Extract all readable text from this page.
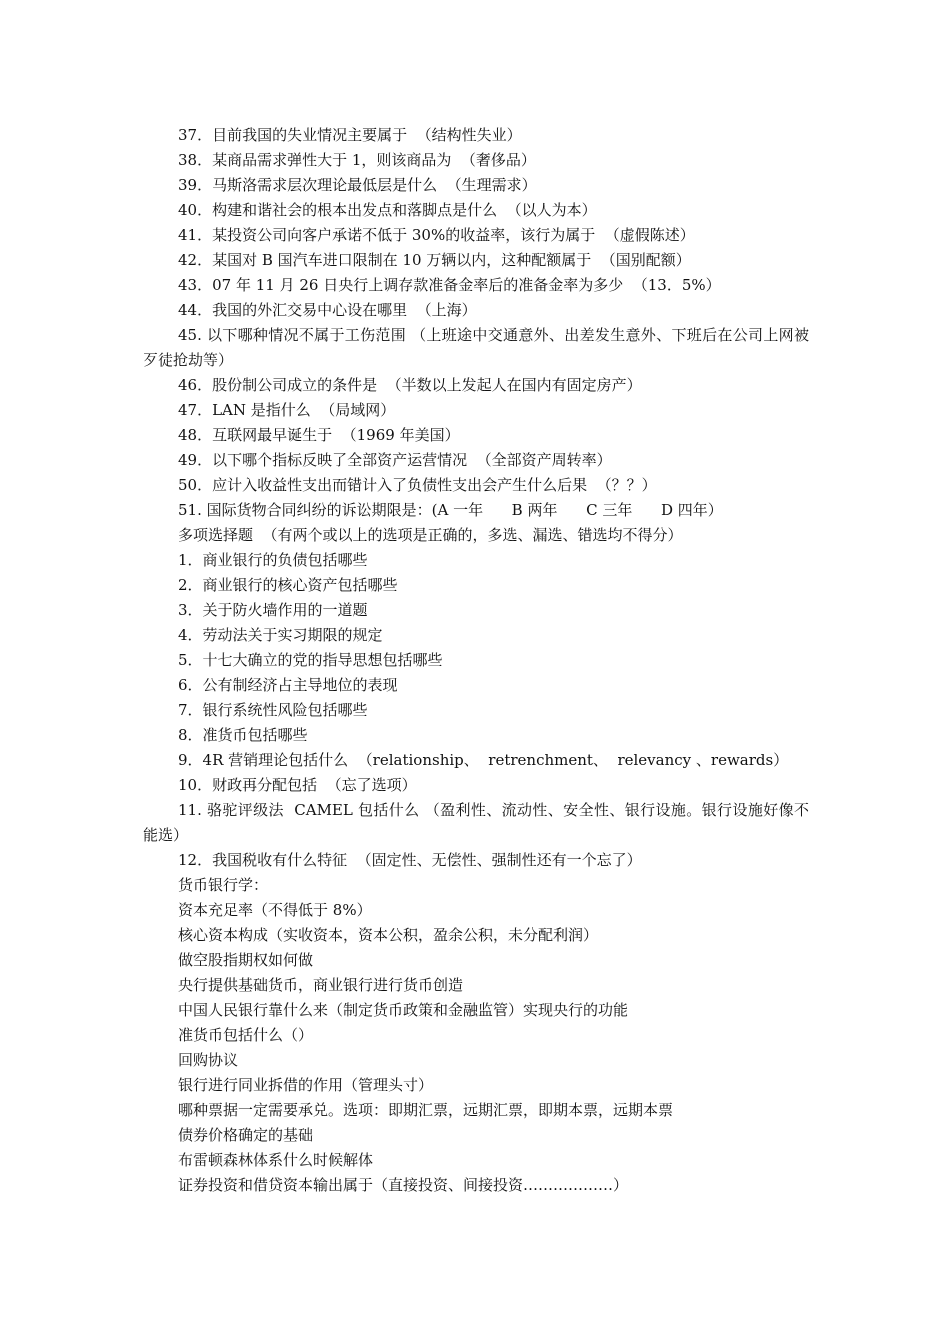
37．目前我国的失业情况主要属于  （结构性失业）

38．某商品需求弹性大于 1，则该商品为  （奢侈品）

39．马斯洛需求层次理论最低层是什么  （生理需求）

40．构建和谐社会的根本出发点和落脚点是什么  （以人为本）

41．某投资公司向客户承诺不低于 30%的收益率，该行为属于  （虚假陈述）

42．某国对 B 国汽车进口限制在 10 万辆以内，这种配额属于  （国别配额）

43．07 年 11 月 26 日央行上调存款准备金率后的准备金率为多少  （13．5%）

44．我国的外汇交易中心设在哪里  （上海）

45. 以下哪种情况不属于工伤范围 （上班途中交通意外、出差发生意外、下班后在公司上网被歹徒抢劫等）

46．股份制公司成立的条件是  （半数以上发起人在国内有固定房产）

47．LAN 是指什么  （局域网）

48．互联网最早诞生于  （1969 年美国）

49．以下哪个指标反映了全部资产运营情况  （全部资产周转率）

50．应计入收益性支出而错计入了负债性支出会产生什么后果  （？？）

51. 国际货物合同纠纷的诉讼期限是：(A 一年      B 两年      C 三年      D 四年）

多项选择题  （有两个或以上的选项是正确的，多选、漏选、错选均不得分）

1．商业银行的负债包括哪些

2．商业银行的核心资产包括哪些

3．关于防火墙作用的一道题

4．劳动法关于实习期限的规定

5．十七大确立的党的指导思想包括哪些

6．公有制经济占主导地位的表现

7．银行系统性风险包括哪些

8．准货币包括哪些

9．4R 营销理论包括什么  （relationship、  retrenchment、  relevancy 、rewards）

10．财政再分配包括  （忘了选项）

11. 骆驼评级法  CAMEL 包括什么 （盈利性、流动性、安全性、银行设施。银行设施好像不能选）

12．我国税收有什么特征  （固定性、无偿性、强制性还有一个忘了）

货币银行学：

资本充足率（不得低于 8%）

核心资本构成（实收资本，资本公积，盈余公积，未分配利润）

做空股指期权如何做

央行提供基础货币，商业银行进行货币创造

中国人民银行靠什么来（制定货币政策和金融监管）实现央行的功能

准货币包括什么（）

回购协议

银行进行同业拆借的作用（管理头寸）

哪种票据一定需要承兑。选项：即期汇票，远期汇票，即期本票，远期本票

债券价格确定的基础

布雷顿森林体系什么时候解体

证券投资和借贷资本输出属于（直接投资、间接投资………………）
